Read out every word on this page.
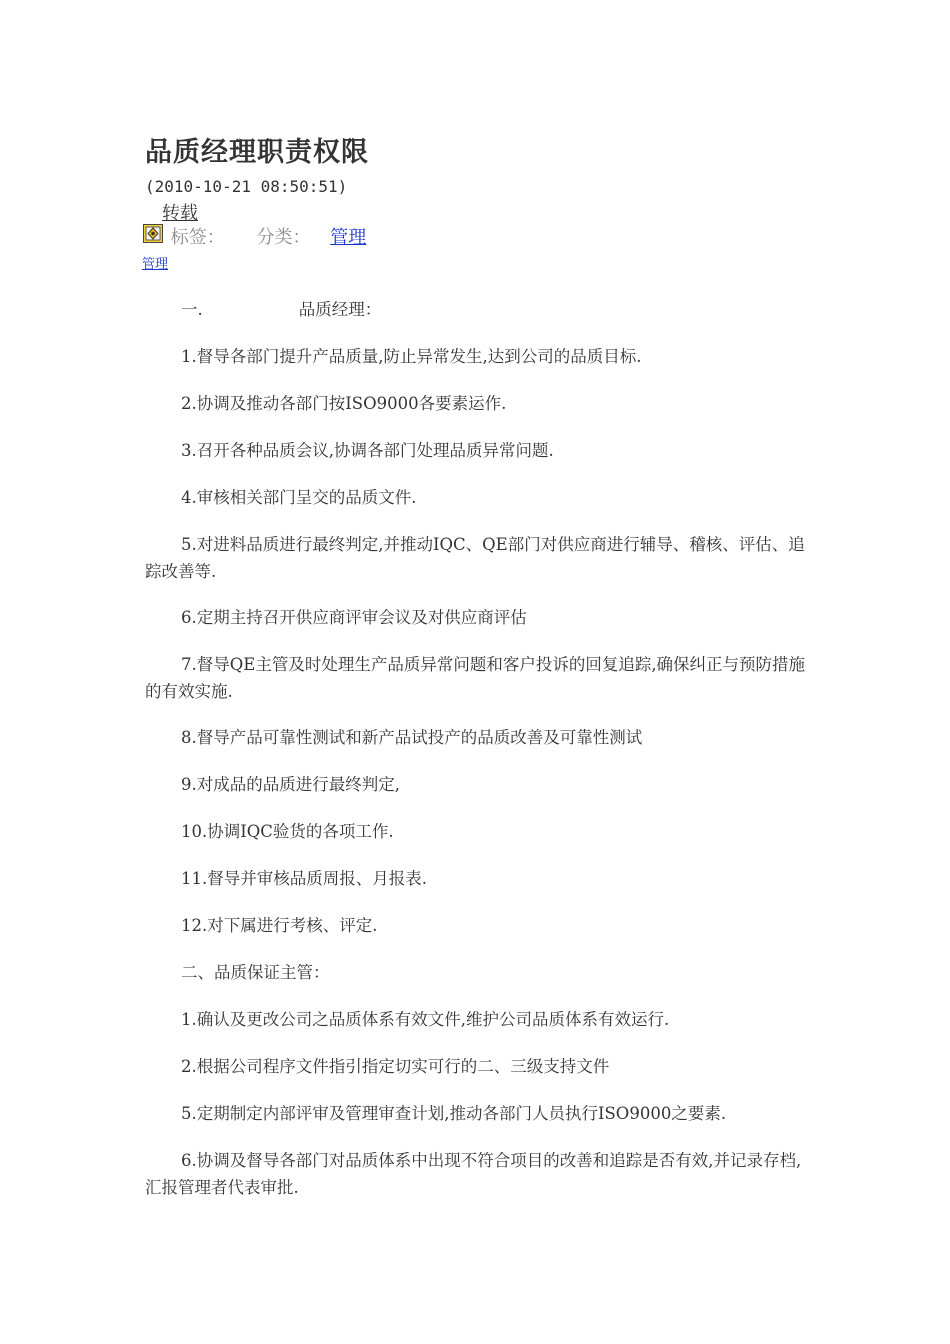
品质经理职责权限
(2010-10-21 08:50:51)
转载
标签： 分类： 管理
管理

一.	品质经理：

1.督导各部门提升产品质量,防止异常发生,达到公司的品质目标.

2.协调及推动各部门按ISO9000各要素运作.

3.召开各种品质会议,协调各部门处理品质异常问题.

4.审核相关部门呈交的品质文件.

5.对进料品质进行最终判定,并推动IQC、QE部门对供应商进行辅导、稽核、评估、追踪改善等.

6.定期主持召开供应商评审会议及对供应商评估

7.督导QE主管及时处理生产品质异常问题和客户投诉的回复追踪,确保纠正与预防措施的有效实施.

8.督导产品可靠性测试和新产品试投产的品质改善及可靠性测试

9.对成品的品质进行最终判定,

10.协调IQC验货的各项工作.

11.督导并审核品质周报、月报表.

12.对下属进行考核、评定.

二、品质保证主管：

1.确认及更改公司之品质体系有效文件,维护公司品质体系有效运行.

2.根据公司程序文件指引指定切实可行的二、三级支持文件

5.定期制定内部评审及管理审查计划,推动各部门人员执行ISO9000之要素.

6.协调及督导各部门对品质体系中出现不符合项目的改善和追踪是否有效,并记录存档,汇报管理者代表审批.
